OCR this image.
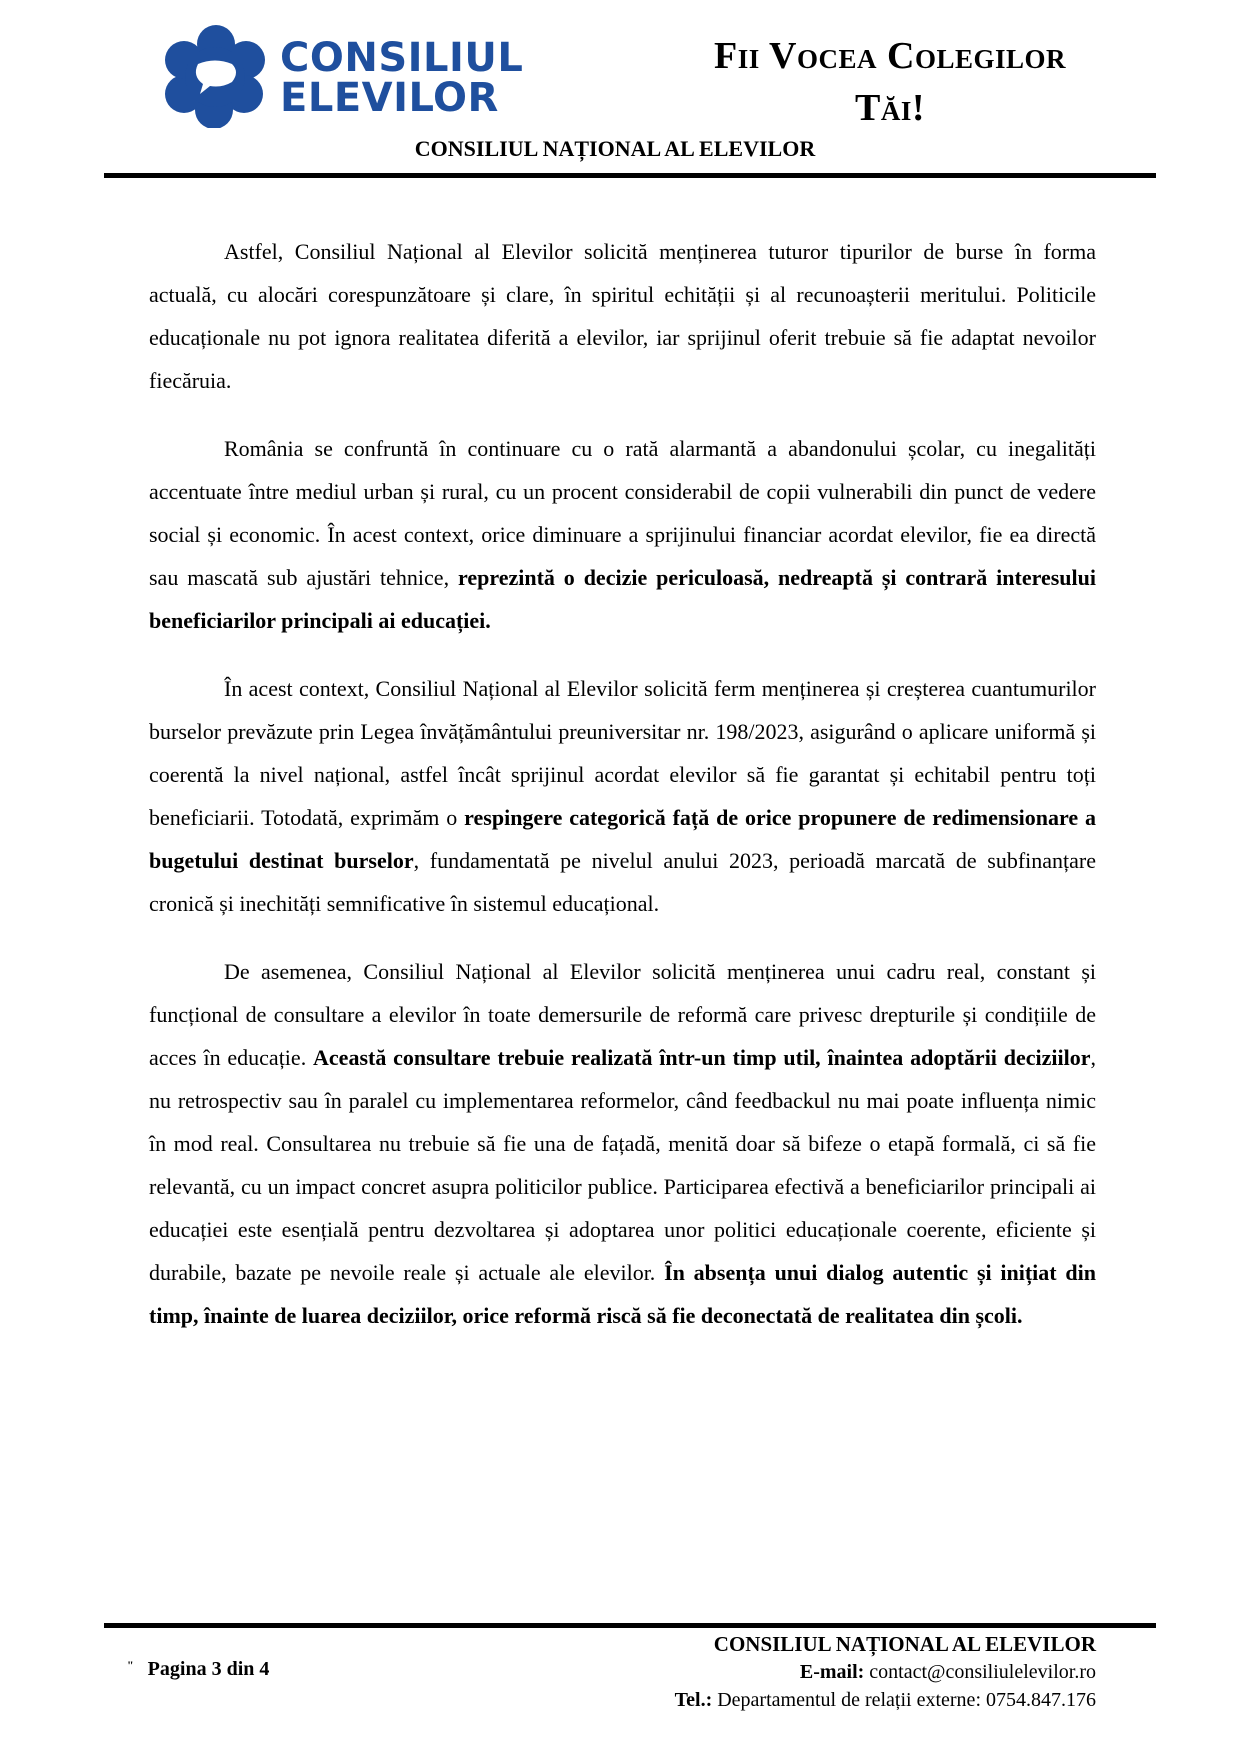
CONSILIUL
ELEVILOR
Fii Vocea Colegilor
Tăi!
CONSILIUL NAȚIONAL AL ELEVILOR

Astfel, Consiliul Național al Elevilor solicită menținerea tuturor tipurilor de burse în forma actuală, cu alocări corespunzătoare și clare, în spiritul echității și al recunoașterii meritului. Politicile educaționale nu pot ignora realitatea diferită a elevilor, iar sprijinul oferit trebuie să fie adaptat nevoilor fiecăruia.

România se confruntă în continuare cu o rată alarmantă a abandonului școlar, cu inegalități accentuate între mediul urban și rural, cu un procent considerabil de copii vulnerabili din punct de vedere social și economic. În acest context, orice diminuare a sprijinului financiar acordat elevilor, fie ea directă sau mascată sub ajustări tehnice, reprezintă o decizie periculoasă, nedreaptă și contrară interesului beneficiarilor principali ai educației.

În acest context, Consiliul Național al Elevilor solicită ferm menținerea și creșterea cuantumurilor burselor prevăzute prin Legea învățământului preuniversitar nr. 198/2023, asigurând o aplicare uniformă și coerentă la nivel național, astfel încât sprijinul acordat elevilor să fie garantat și echitabil pentru toți beneficiarii. Totodată, exprimăm o respingere categorică față de orice propunere de redimensionare a bugetului destinat burselor, fundamentată pe nivelul anului 2023, perioadă marcată de subfinanțare cronică și inechități semnificative în sistemul educațional.

De asemenea, Consiliul Național al Elevilor solicită menținerea unui cadru real, constant și funcțional de consultare a elevilor în toate demersurile de reformă care privesc drepturile și condițiile de acces în educație. Această consultare trebuie realizată într-un timp util, înaintea adoptării deciziilor, nu retrospectiv sau în paralel cu implementarea reformelor, când feedbackul nu mai poate influența nimic în mod real. Consultarea nu trebuie să fie una de fațadă, menită doar să bifeze o etapă formală, ci să fie relevantă, cu un impact concret asupra politicilor publice. Participarea efectivă a beneficiarilor principali ai educației este esențială pentru dezvoltarea și adoptarea unor politici educaționale coerente, eficiente și durabile, bazate pe nevoile reale și actuale ale elevilor. În absența unui dialog autentic și inițiat din timp, înainte de luarea deciziilor, orice reformă riscă să fie deconectată de realitatea din școli.

" Pagina 3 din 4
CONSILIUL NAȚIONAL AL ELEVILOR
E-mail: contact@consiliulelevilor.ro
Tel.: Departamentul de relații externe: 0754.847.176
